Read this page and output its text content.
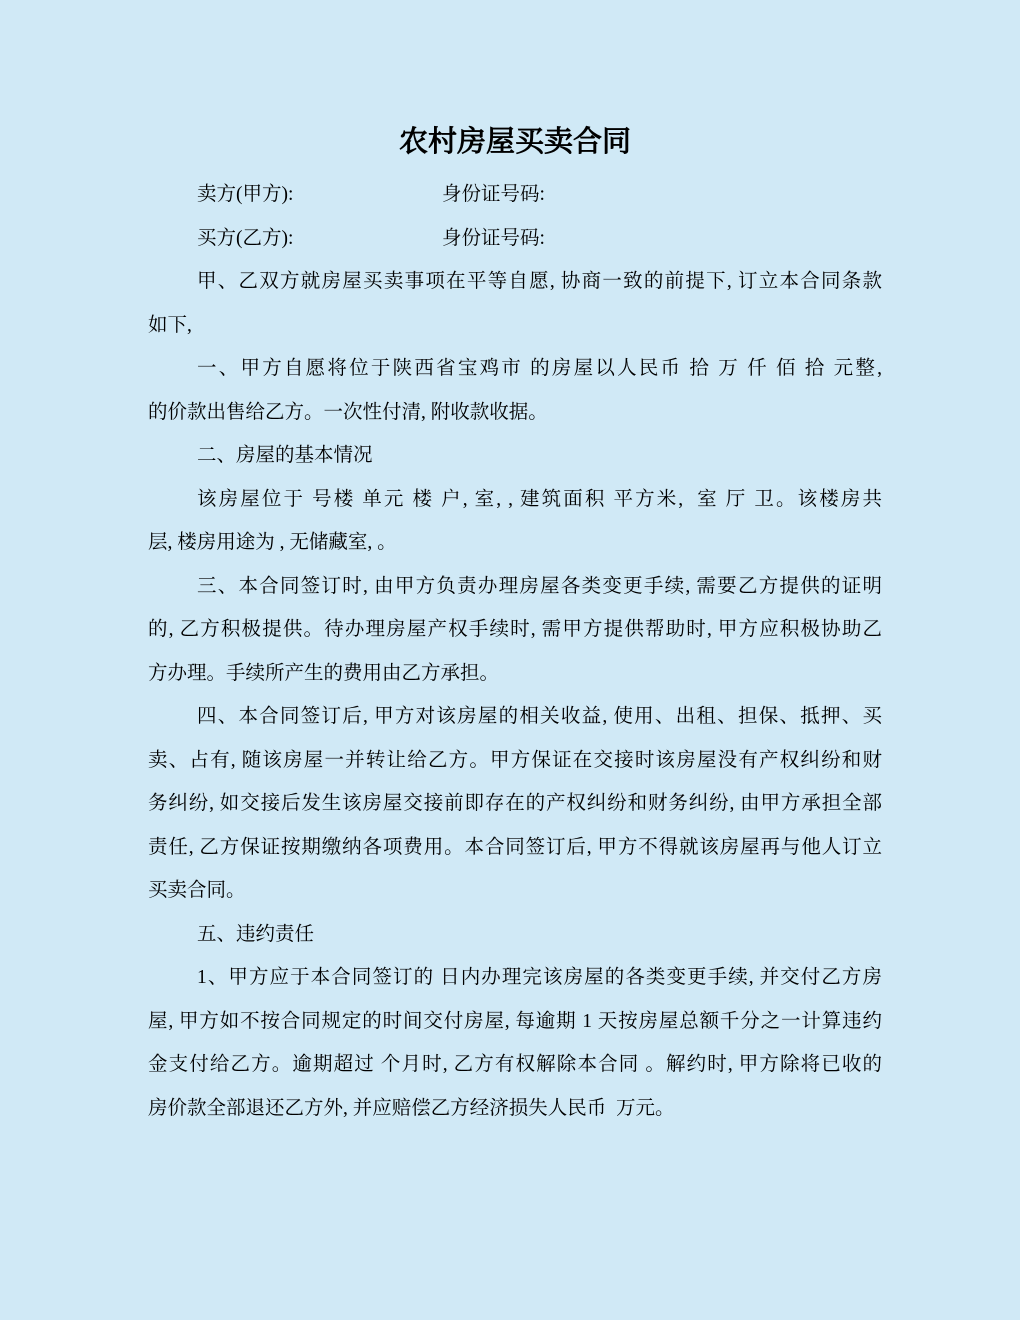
农村房屋买卖合同
卖方(甲方):	身份证号码:
买方(乙方):	身份证号码:
甲、乙双方就房屋买卖事项在平等自愿, 协商一致的前提下, 订立本合同条款
如下,
一、甲方自愿将位于陕西省宝鸡市 的房屋以人民币 拾 万 仟 佰 拾 元整,
的价款出售给乙方。一次性付清, 附收款收据。
二、房屋的基本情况
该房屋位于 号楼 单元 楼 户, 室, , 建筑面积 平方米,  室 厅 卫。该楼房共
层, 楼房用途为 , 无储藏室, 。
三、本合同签订时, 由甲方负责办理房屋各类变更手续, 需要乙方提供的证明
的, 乙方积极提供。待办理房屋产权手续时, 需甲方提供帮助时, 甲方应积极协助乙
方办理。手续所产生的费用由乙方承担。
四、本合同签订后, 甲方对该房屋的相关收益, 使用、出租、担保、抵押、买
卖、占有, 随该房屋一并转让给乙方。甲方保证在交接时该房屋没有产权纠纷和财
务纠纷, 如交接后发生该房屋交接前即存在的产权纠纷和财务纠纷, 由甲方承担全部
责任, 乙方保证按期缴纳各项费用。本合同签订后, 甲方不得就该房屋再与他人订立
买卖合同。
五、违约责任
1、甲方应于本合同签订的 日内办理完该房屋的各类变更手续, 并交付乙方房
屋, 甲方如不按合同规定的时间交付房屋, 每逾期 1 天按房屋总额千分之一计算违约
金支付给乙方。逾期超过 个月时, 乙方有权解除本合同 。解约时, 甲方除将已收的
房价款全部退还乙方外, 并应赔偿乙方经济损失人民币  万元。
